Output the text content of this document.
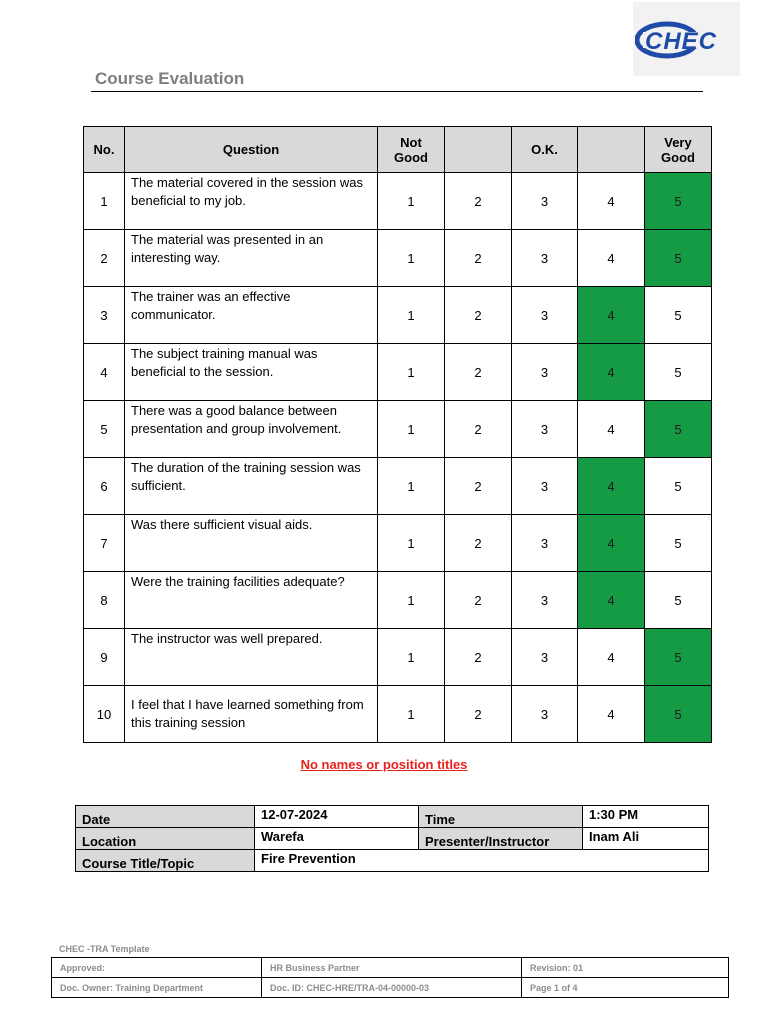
CHEC
Course Evaluation
No.	Question	Not Good		O.K.		Very Good
1	The material covered in the session was beneficial to my job.	1	2	3	4	5
2	The material was presented in an interesting way.	1	2	3	4	5
3	The trainer was an effective communicator.	1	2	3	4	5
4	The subject training manual was beneficial to the session.	1	2	3	4	5
5	There was a good balance between presentation and group involvement.	1	2	3	4	5
6	The duration of the training session was sufficient.	1	2	3	4	5
7	Was there sufficient visual aids.	1	2	3	4	5
8	Were the training facilities adequate?	1	2	3	4	5
9	The instructor was well prepared.	1	2	3	4	5
10	I feel that I have learned something from this training session	1	2	3	4	5
No names or position titles
Date	12-07-2024	Time	1:30 PM
Location	Warefa	Presenter/Instructor	Inam Ali
Course Title/Topic	Fire Prevention		
CHEC -TRA Template
Approved:	HR Business Partner	Revision: 01
Doc. Owner: Training Department	Doc. ID: CHEC-HRE/TRA-04-00000-03	Page 1 of 4
